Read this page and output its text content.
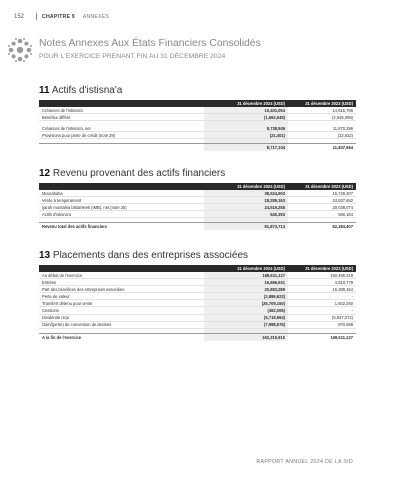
152	CHAPITRE 9 ANNEXES
Notes Annexes Aux États Financiers Consolidés
POUR L'EXERCICE PRENANT FIN AU 31 DÉCEMBRE 2024
11 Actifs d'istisna'a
	31 décembre 2024 (USD)	31 décembre 2023 (USD)
Créances de l'istisna'a	10,401,054	14,515,795
Bénéfice différé	(1,662,549)	(2,645,399)

Créances de l'istisna'a, net	8,738,505	11,870,396
Provisions pour perte de crédit (note 29)	(21,401)	(32,832)

	8,717,104	11,837,564
12 Revenu provenant des actifs financiers
	31 décembre 2024 (USD)	31 décembre 2023 (USD)
Mourabaha	38,524,903	16,728,407
Vente à tempérament	18,289,163	24,937,682
Ijarah muntahia bittamleek (IMB), net (note 25)	24,519,255	20,038,074
Actifs d'istisna'a	540,393	580,184

Revenu total des actifs financiers	81,873,714	62,284,407
13 Placements dans des entreprises associées
	31 décembre 2024 (USD)	31 décembre 2023 (USD)
Au début de l'exercice	168,611,127	150,465,318
Entrées	16,686,931	4,810,779
Part des bénéfices des entreprises associées	20,883,289	16,389,154
Perte de valeur	(2,886,623)	-
Transfert détenu pour vente	(26,709,150)	1,602,260
Cessions	(482,006)	-
Dividende reçu	(5,718,964)	(5,627,072)
Gain/(perte) de conversion de devises	(7,998,576)	970,088

A la fin de l'exercice	162,315,910	168,611,127
RAPPORT ANNUEL 2024 DE LA SID
